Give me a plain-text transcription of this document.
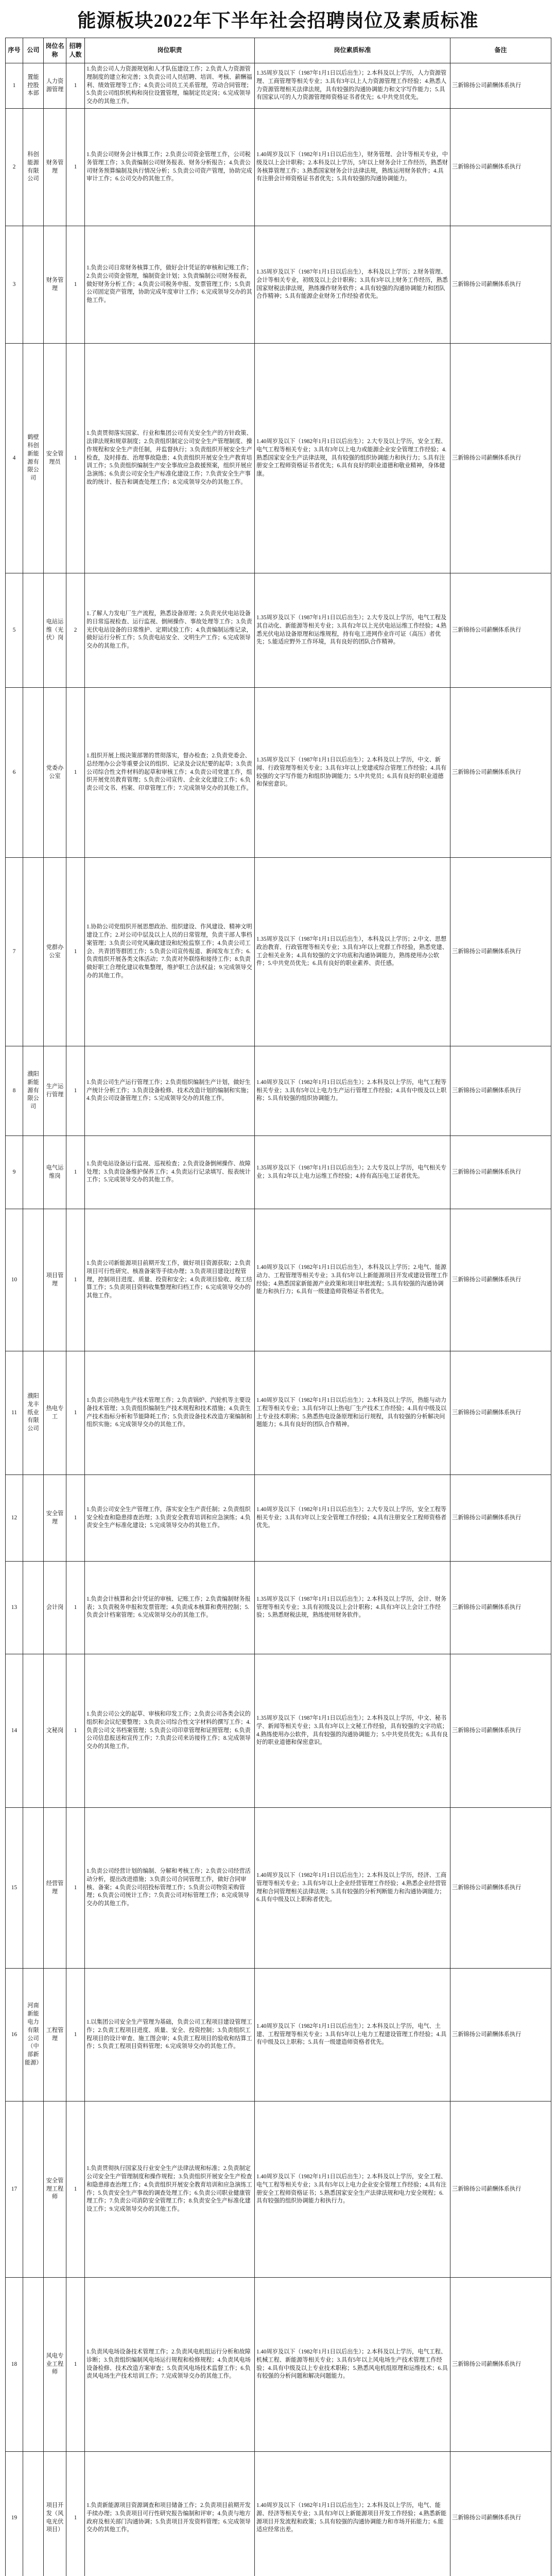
能源板块2022年下半年社会招聘岗位及素质标准
序号	公司	岗位名称	招聘人数	岗位职责	岗位素质标准	备注
1	置能控股本部	人力资源管理	1	1.负责公司人力资源规划和人才队伍建设工作；2.负责人力资源管理制度的建立和完善；3.负责公司人员招聘、培训、考核、薪酬福利、绩效管理等工作；4.负责公司员工关系管理，劳动合同管理；5.负责公司组织机构和岗位设置管理，编制定员定岗；6.完成领导交办的其他工作。	1.35周岁及以下（1987年1月1日以后出生）；2.本科及以上学历，人力资源管理、工商管理等相关专业；3.具有3年以上人力资源管理工作经验；4.熟悉人力资源管理相关法律法规，具有较强的沟通协调能力和文字写作能力；5.具有国家认可的人力资源管理师资格证书者优先；6.中共党员优先。	三新锦扬公司薪酬体系执行
2	科创能源有限公司	财务管理	1	1.负责公司财务会计核算工作；2.负责公司资金管理工作，公司税务管理工作；3.负责编制公司财务报表、财务分析报告；4.负责公司财务预算编制及执行情况分析；5.负责公司资产管理，协助完成审计工作；6.公司交办的其他工作。	1.40周岁及以下（1982年1月1日以后出生），财务管理、会计等相关专业，中级及以上会计职称；2.本科及以上学历，5年以上财务会计工作经历，熟悉财务核算管理工作；3.熟悉国家财务会计法律法规，熟练运用财务软件；4.具有注册会计师资格证书者优先；5.具有较强的沟通协调能力。	三新锦扬公司薪酬体系执行
3		财务管理	1	1.负责公司日常财务核算工作，做好会计凭证的审核和记账工作；2.负责公司资金管理，编制资金计划；3.负责编制公司财务报表，做好财务分析工作；4.负责公司税务申报、发票管理工作；5.负责公司固定资产管理，协助完成年度审计工作；6.完成领导交办的其他工作。	1.35周岁及以下（1987年1月1日以后出生），本科及以上学历；2.财务管理、会计等相关专业，初级及以上会计职称；3.具有3年以上财务工作经历，熟悉国家财税法律法规，熟练操作财务软件；4.具有较强的沟通协调能力和团队合作精神；5.具有能源企业财务工作经验者优先。	三新锦扬公司薪酬体系执行
4	鹤壁科创新能源有限公司	安全管理员	1	1.负责贯彻落实国家、行业和集团公司有关安全生产的方针政策、法律法规和规章制度；2.负责组织制定公司安全生产管理制度、操作规程和安全生产责任制，并监督执行；3.负责组织开展安全生产检查，及时排查、治理事故隐患；4.负责组织开展安全生产教育培训工作；5.负责组织编制生产安全事故应急救援预案，组织开展应急演练；6.负责公司安全生产标准化建设工作；7.负责安全生产事故的统计、报告和调查处理工作；8.完成领导交办的其他工作。	1.40周岁及以下（1982年1月1日以后出生）；2.大专及以上学历，安全工程、电气工程等相关专业；3.具有3年以上电力或能源企业安全管理工作经验；4.熟悉国家安全生产法律法规，具有较强的组织协调能力和执行力；5.具有注册安全工程师资格证书者优先；6.具有良好的职业道德和敬业精神，身体健康。	三新锦扬公司薪酬体系执行
5		电站运维（光伏）岗	2	1.了解人力发电厂生产流程，熟悉设备原理；2.负责光伏电站设备的日常巡视检查、运行监视、倒闸操作、事故处理等工作；3.负责光伏电站设备的日常维护、定期试验工作；4.负责编制运维记录，做好运行分析工作；5.负责电站安全、文明生产工作；6.完成领导交办的其他工作。	1.35周岁及以下（1987年1月1日以后出生）；2.大专及以上学历，电气工程及其自动化、新能源等相关专业；3.具有2年以上光伏电站运维工作经验；4.熟悉光伏电站设备原理和运维规程，持有电工进网作业许可证（高压）者优先；5.能适应野外工作环境，具有良好的团队合作精神。	三新锦扬公司薪酬体系执行
6		党委办公室	1	1.组织开展上级决策部署的贯彻落实，督办检查；2.负责党委会、总经理办公会等重要会议的组织、记录及会议纪要的起草；3.负责公司综合性文件材料的起草和审核工作；4.负责公司党建工作，组织开展党员教育管理；5.负责公司宣传、企业文化建设工作；6.负责公司文书、档案、印章管理工作；7.完成领导交办的其他工作。	1.35周岁及以下（1987年1月1日以后出生）；2.本科及以上学历，中文、新闻、行政管理等相关专业；3.具有3年以上党建或综合管理工作经验；4.具有较强的文字写作能力和组织协调能力；5.中共党员；6.具有良好的职业道德和保密意识。	三新锦扬公司薪酬体系执行
7		党群办公室	1	1.协助公司党组织开展思想政治、组织建设、作风建设、精神文明建设工作；2.对公司中层及以上人员的日常管理，负责干部人事档案管理；3.负责公司党风廉政建设和纪检监察工作；4.负责公司工会、共青团等群团工作；5.负责公司宣传报道、新闻发布工作；6.负责组织开展各类文体活动；7.负责对外联络和接待工作；8.负责做好职工合理化建议收集整理，维护职工合法权益；9.完成领导交办的其他工作。	1.35周岁及以下（1987年1月1日以后出生），本科及以上学历；2.中文、思想政治教育、行政管理等相关专业；3.具有3年以上党群工作经验，熟悉党建、工会相关业务；4.具有较强的文字功底和沟通协调能力，熟练使用办公软件；5.中共党员优先；6.具有良好的职业素养、责任感。	三新锦扬公司薪酬体系执行
8	濮阳新能源有限公司	生产运行管理	1	1.负责公司生产运行管理工作；2.负责组织编制生产计划，做好生产统计分析工作；3.负责设备检修、技术改造计划的编制和实施；4.负责公司设备管理工作；5.完成领导交办的其他工作。	1.40周岁及以下（1982年1月1日以后出生）；2.本科及以上学历，电气工程等相关专业；3.具有5年以上电力生产运行管理工作经验；4.具有中级及以上职称；5.具有较强的组织协调能力。	三新锦扬公司薪酬体系执行
9		电气运维岗	1	1.负责电站设备运行监视、巡视检查；2.负责设备倒闸操作、故障处理；3.负责设备维护保养工作；4.负责运行记录填写、报表统计工作；5.完成领导交办的其他工作。	1.35周岁及以下（1987年1月1日以后出生）；2.大专及以上学历，电气相关专业；3.具有2年以上电力运维工作经验；4.持有高压电工证者优先。	三新锦扬公司薪酬体系执行
10		项目管理	1	1.负责公司新能源项目前期开发工作，做好项目资源获取；2.负责项目可行性研究、核准备案等手续办理；3.负责项目建设过程管理，控制项目进度、质量、投资和安全；4.负责项目验收、竣工结算工作；5.负责项目资料收集整理和归档工作；6.完成领导交办的其他工作。	1.40周岁及以下（1982年1月1日以后出生），本科及以上学历；2.电气、能源动力、工程管理等相关专业；3.具有5年以上新能源项目开发或建设管理工作经验；4.熟悉国家新能源产业政策和项目审批流程；5.具有较强的沟通协调能力和执行力；6.具有一级建造师资格证书者优先。	三新锦扬公司薪酬体系执行
11	濮阳龙丰纸业有限公司	热电专工	1	1.负责公司热电生产技术管理工作；2.负责锅炉、汽轮机等主要设备技术管理；3.负责组织编制生产技术规程和技术措施；4.负责生产技术指标分析和节能降耗工作；5.负责设备技术改造方案编制和组织实施；6.完成领导交办的其他工作。	1.40周岁及以下（1982年1月1日以后出生）；2.本科及以上学历，热能与动力工程等相关专业；3.具有5年以上热电厂生产技术工作经验；4.具有中级及以上专业技术职称；5.熟悉热电设备原理和运行规程，具有较强的分析解决问题能力；6.具有良好的团队合作精神。	三新锦扬公司薪酬体系执行
12		安全管理	1	1.负责公司安全生产管理工作，落实安全生产责任制；2.负责组织安全检查和隐患排查治理；3.负责安全教育培训和应急演练；4.负责安全生产标准化建设；5.完成领导交办的其他工作。	1.40周岁及以下（1982年1月1日以后出生）；2.大专及以上学历，安全工程等相关专业；3.具有3年以上安全管理工作经验；4.具有注册安全工程师资格者优先。	三新锦扬公司薪酬体系执行
13		会计岗	1	1.负责会计核算和会计凭证的审核、记账工作；2.负责编制财务报表；3.负责税务申报和发票管理；4.负责成本核算和费用控制；5.负责会计档案管理；6.完成领导交办的其他工作。	1.35周岁及以下（1987年1月1日以后出生）；2.本科及以上学历，会计、财务管理等相关专业；3.具有初级及以上会计职称；4.具有3年以上会计工作经验；5.熟悉财税法规，熟练使用财务软件。	三新锦扬公司薪酬体系执行
14		文秘岗	1	1.负责公司公文的起草、审核和印发工作；2.负责公司各类会议的组织和会议纪要整理；3.负责公司综合性文字材料的撰写工作；4.负责公司文书档案管理；5.负责公司印章管理和证照管理；6.负责公司信息报送和宣传工作；7.负责公司来访接待工作；8.完成领导交办的其他工作。	1.35周岁及以下（1987年1月1日以后出生）；2.本科及以上学历，中文、秘书学、新闻等相关专业；3.具有3年以上文秘工作经验，具有较强的文字功底；4.熟练使用办公软件，具有较强的沟通协调能力；5.中共党员优先；6.具有良好的职业道德和保密意识。	三新锦扬公司薪酬体系执行
15		经营管理	1	1.负责公司经营计划的编制、分解和考核工作；2.负责公司经营活动分析，提出改进措施；3.负责公司合同管理工作，做好合同审核、备案；4.负责公司招投标管理工作；5.负责公司物资采购管理；6.负责公司统计工作；7.负责公司对标管理工作；8.完成领导交办的其他工作。	1.40周岁及以下（1982年1月1日以后出生）；2.本科及以上学历，经济、工商管理等相关专业；3.具有5年以上企业经营管理工作经验；4.熟悉企业经营管理和合同管理相关法律法规；5.具有较强的分析判断能力和沟通协调能力；6.具有中级及以上职称者优先。	三新锦扬公司薪酬体系执行
16	河南新能电力有限公司（中部新能源）	工程管理	1	1.以集团公司安全生产管理为基础，负责公司工程项目建设管理工作；2.负责工程项目进度、质量、安全、投资控制；3.负责组织工程项目的设计审查、施工图会审；4.负责工程项目的验收和结算工作；5.负责工程项目资料管理；6.完成领导交办的其他工作。	1.40周岁及以下（1982年1月1日以后出生）；2.本科及以上学历，电气、土建、工程管理等相关专业；3.具有5年以上电力工程建设管理工作经验；4.具有中级及以上职称；5.具有一级建造师资格者优先。	三新锦扬公司薪酬体系执行
17		安全管理工程师	1	1.负责贯彻执行国家及行业安全生产法律法规和标准；2.负责制定公司安全生产管理制度和操作规程；3.负责组织开展安全生产检查和隐患排查治理工作；4.负责组织开展安全教育培训和应急演练工作；5.负责安全生产事故的调查处理工作；6.负责公司职业健康管理工作；7.负责公司消防安全管理工作；8.负责安全生产标准化建设工作；9.完成领导交办的其他工作。	1.40周岁及以下（1982年1月1日以后出生）；2.本科及以上学历，安全工程、电气工程等相关专业；3.具有5年以上电力企业安全管理工作经验；4.具有注册安全工程师资格证书；5.熟悉国家安全生产法律法规和电力安全规程；6.具有较强的组织协调能力和执行力。	三新锦扬公司薪酬体系执行
18		风电专业工程师	1	1.负责风电场设备技术管理工作；2.负责风电机组运行分析和故障诊断；3.负责组织编制风电场运行规程和检修规程；4.负责风电场设备检修、技术改造方案审查；5.负责风电场技术监督工作；6.负责风电场生产技术培训工作；7.完成领导交办的其他工作。	1.40周岁及以下（1982年1月1日以后出生）；2.本科及以上学历，电气工程、机械工程、新能源等相关专业；3.具有5年以上风电场生产技术管理工作经验；4.具有中级及以上专业技术职称；5.熟悉风电机组原理和运维技术；6.具有较强的分析问题和解决问题能力。	三新锦扬公司薪酬体系执行
19		项目开发（风电光伏项目）	1	1.负责新能源项目资源调查和项目储备工作；2.负责项目前期开发手续办理；3.负责项目可行性研究报告编制和评审；4.负责与地方政府及相关部门沟通协调；5.负责项目开发资料管理；6.完成领导交办的其他工作。	1.40周岁及以下（1982年1月1日以后出生）；2.本科及以上学历，电气、能源、经济等相关专业；3.具有3年以上新能源项目开发工作经验；4.熟悉新能源项目开发流程和政策；5.具有较强的沟通协调能力和市场开拓能力；6.能适应经常出差。	三新锦扬公司薪酬体系执行
